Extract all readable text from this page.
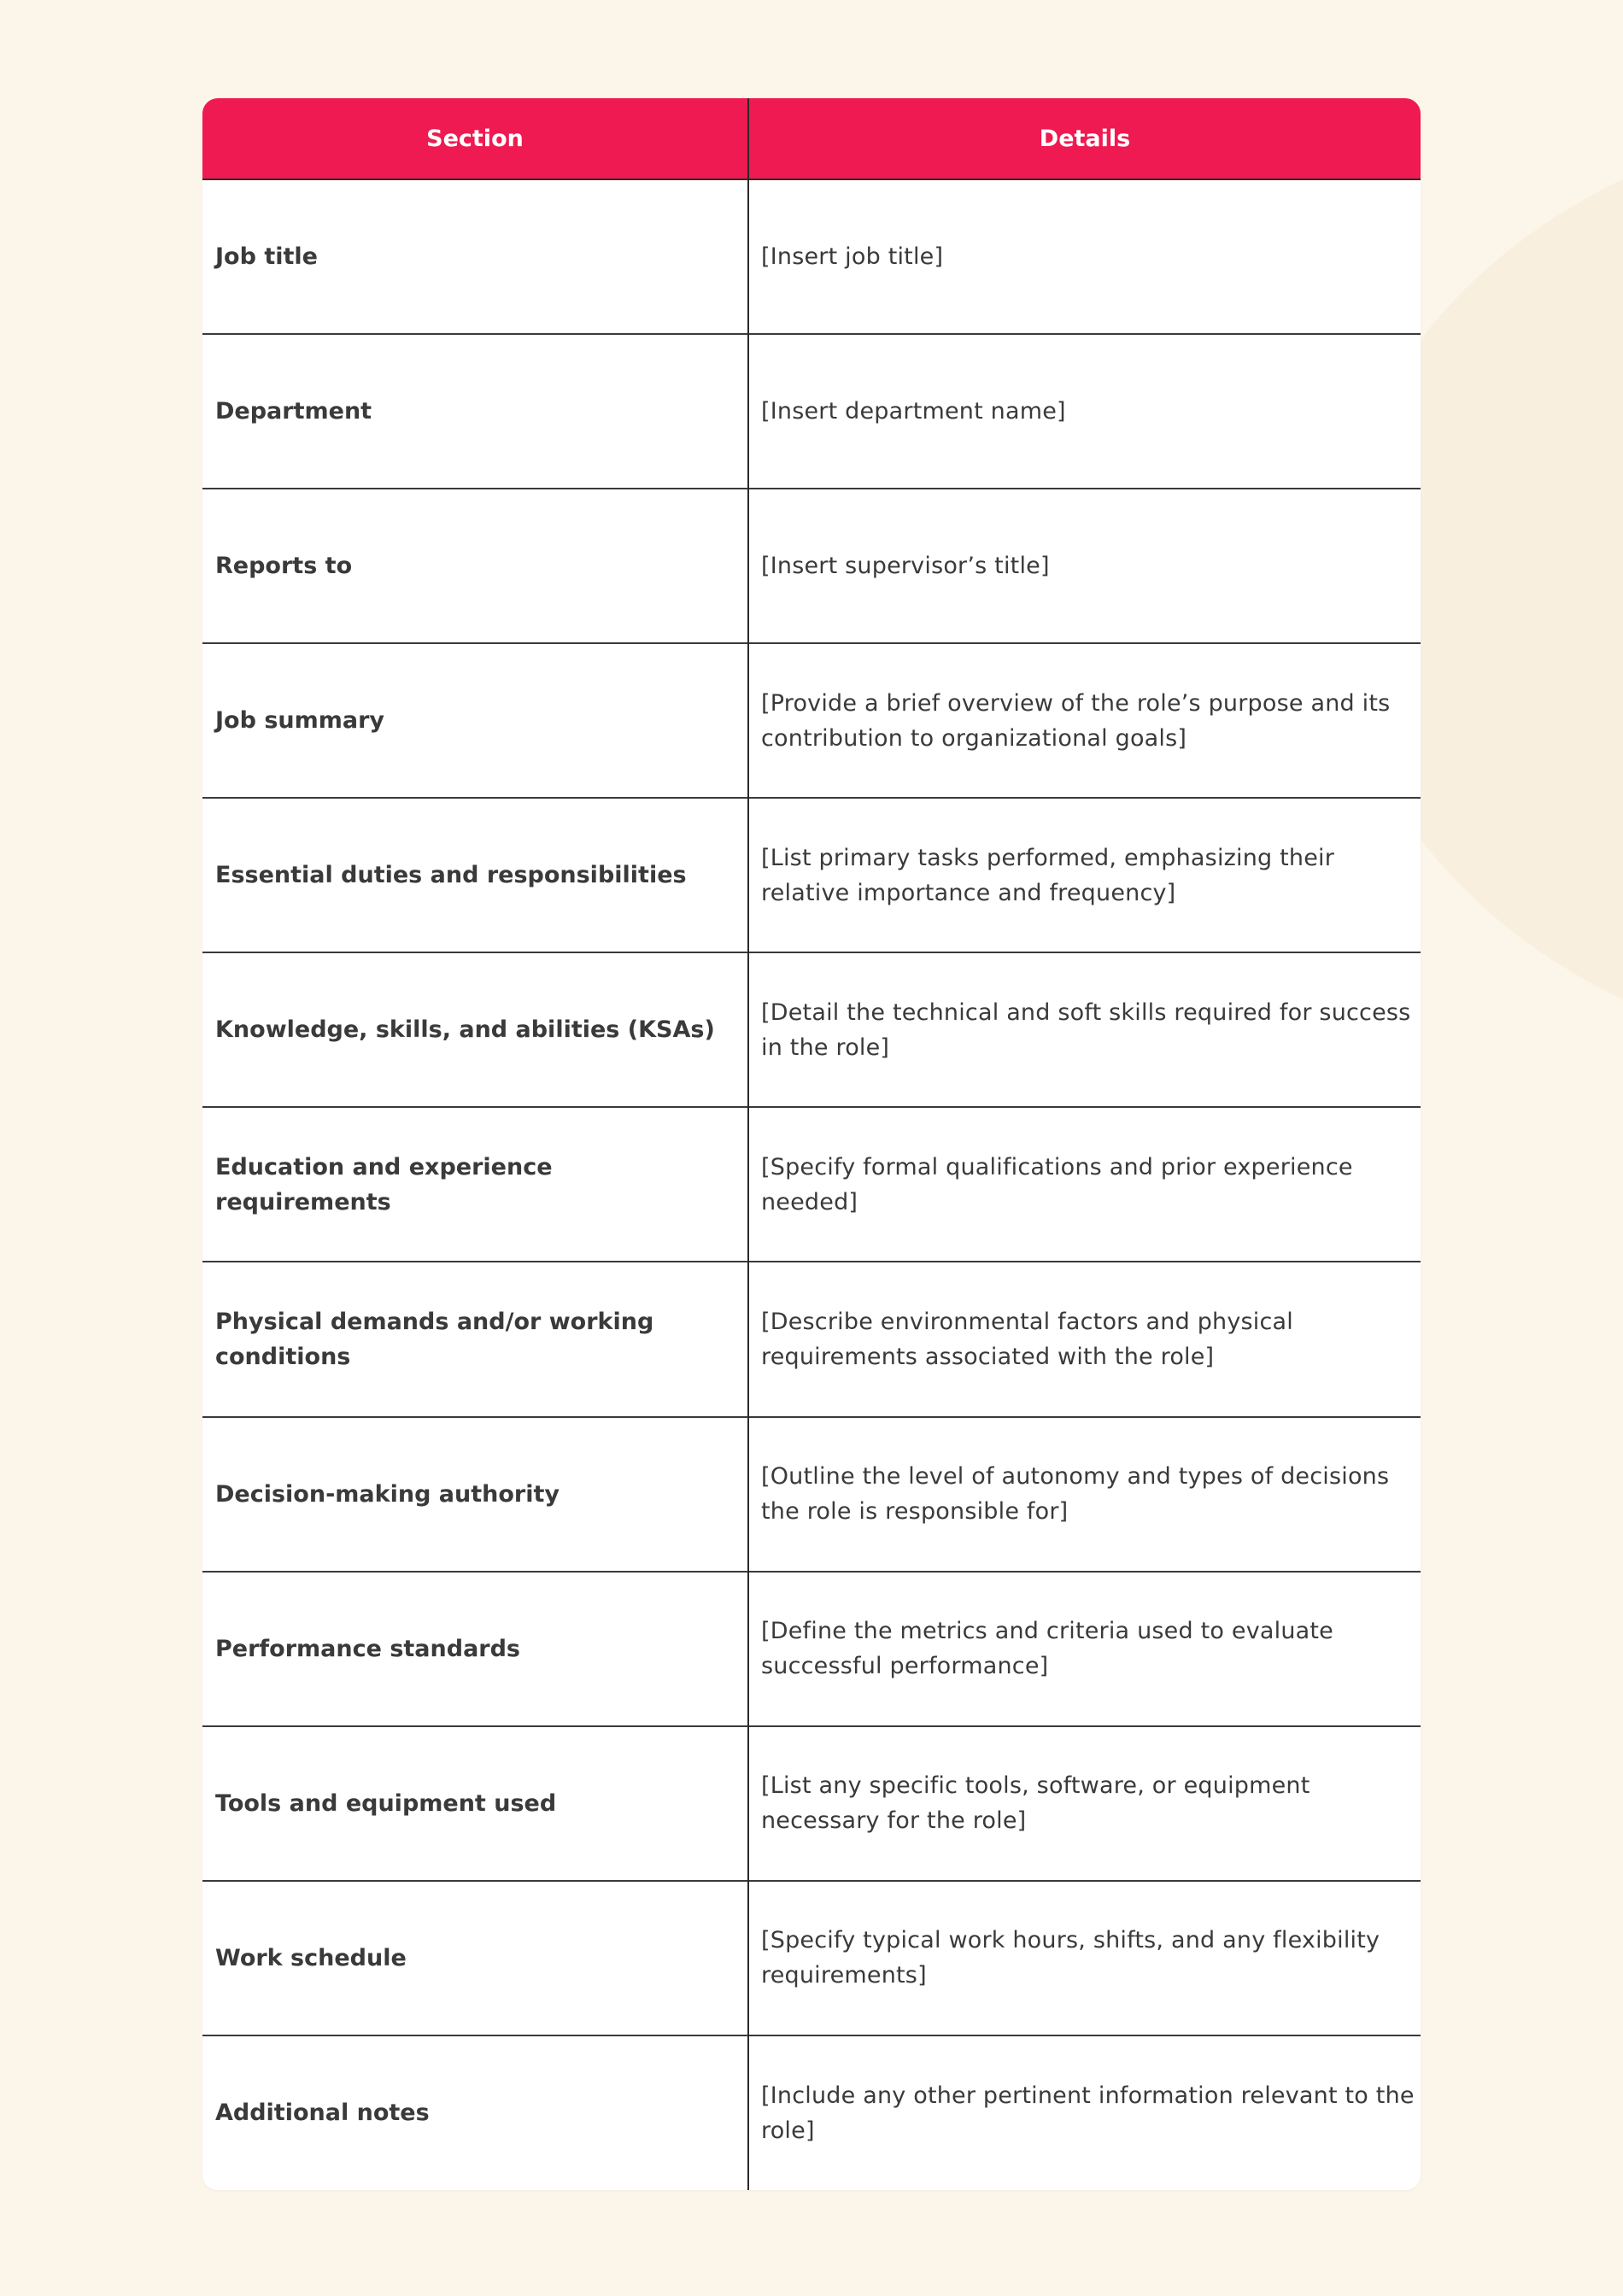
Section	Details
Job title	[Insert job title]
Department	[Insert department name]
Reports to	[Insert supervisor’s title]
Job summary	[Provide a brief overview of the role’s purpose and its contribution to organizational goals]
Essential duties and responsibilities	[List primary tasks performed, emphasizing their relative importance and frequency]
Knowledge, skills, and abilities (KSAs)	[Detail the technical and soft skills required for success in the role]
Education and experience requirements	[Specify formal qualifications and prior experience needed]
Physical demands and/or working conditions	[Describe environmental factors and physical requirements associated with the role]
Decision-making authority	[Outline the level of autonomy and types of decisions the role is responsible for]
Performance standards	[Define the metrics and criteria used to evaluate successful performance]
Tools and equipment used	[List any specific tools, software, or equipment necessary for the role]
Work schedule	[Specify typical work hours, shifts, and any flexibility requirements]
Additional notes	[Include any other pertinent information relevant to the role]
